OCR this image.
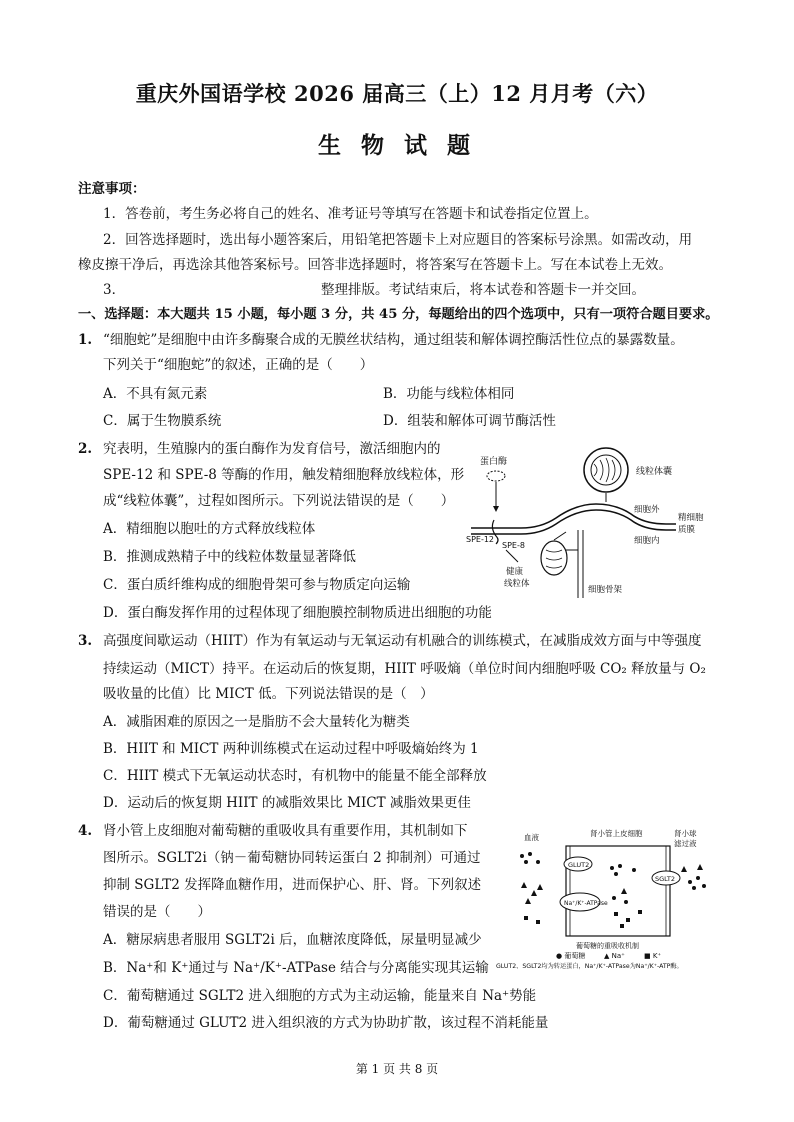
重庆外国语学校 2026 届高三（上）12 月月考（六）
生 物 试 题
注意事项：
1．答卷前，考生务必将自己的姓名、准考证号等填写在答题卡和试卷指定位置上。
2．回答选择题时，选出每小题答案后，用铅笔把答题卡上对应题目的答案标号涂黑。如需改动，用
橡皮擦干净后，再选涂其他答案标号。回答非选择题时，将答案写在答题卡上。写在本试卷上无效。
3．	整理排版。考试结束后，将本试卷和答题卡一并交回。
一、选择题：本大题共 15 小题，每小题 3 分，共 45 分，每题给出的四个选项中，只有一项符合题目要求。
1. “细胞蛇”是细胞中由许多酶聚合成的无膜丝状结构，通过组装和解体调控酶活性位点的暴露数量。
下列关于“细胞蛇”的叙述，正确的是（　　）
A．不具有氮元素	B．功能与线粒体相同
C．属于生物膜系统	D．组装和解体可调节酶活性
2. 究表明，生殖腺内的蛋白酶作为发育信号，激活细胞内的
SPE-12 和 SPE-8 等酶的作用，触发精细胞释放线粒体，形
成“线粒体囊”，过程如图所示。下列说法错误的是（　　）
A．精细胞以胞吐的方式释放线粒体
B．推测成熟精子中的线粒体数量显著降低
C．蛋白质纤维构成的细胞骨架可参与物质定向运输
D．蛋白酶发挥作用的过程体现了细胞膜控制物质进出细胞的功能
蛋白酶
线粒体囊
细胞外
精细胞
质膜
细胞内
SPE-12
SPE-8
健康
线粒体
细胞骨架
3. 高强度间歇运动（HIIT）作为有氧运动与无氧运动有机融合的训练模式，在减脂成效方面与中等强度
持续运动（MICT）持平。在运动后的恢复期，HIIT 呼吸熵（单位时间内细胞呼吸 CO₂ 释放量与 O₂
吸收量的比值）比 MICT 低。下列说法错误的是（　）
A．减脂困难的原因之一是脂肪不会大量转化为糖类
B．HIIT 和 MICT 两种训练模式在运动过程中呼吸熵始终为 1
C．HIIT 模式下无氧运动状态时，有机物中的能量不能全部释放
D．运动后的恢复期 HIIT 的减脂效果比 MICT 减脂效果更佳
4. 肾小管上皮细胞对葡萄糖的重吸收具有重要作用，其机制如下
图所示。SGLT2i（钠－葡萄糖协同转运蛋白 2 抑制剂）可通过
抑制 SGLT2 发挥降血糖作用，进而保护心、肝、肾。下列叙述
错误的是（　　）
A．糖尿病患者服用 SGLT2i 后，血糖浓度降低，尿量明显减少
B．Na⁺和 K⁺通过与 Na⁺/K⁺-ATPase 结合与分离能实现其运输
C．葡萄糖通过 SGLT2 进入细胞的方式为主动运输，能量来自 Na⁺势能
D．葡萄糖通过 GLUT2 进入组织液的方式为协助扩散，该过程不消耗能量
血液	肾小管上皮细胞	肾小球
滤过液
GLUT2
Na⁺/K⁺-ATPase
SGLT2
葡萄糖的重吸收机制
● 葡萄糖	▲ Na⁺	■ K⁺
GLUT2、SGLT2均为转运蛋白，Na⁺/K⁺-ATPase为Na⁺/K⁺-ATP酶。
第 1 页 共 8 页
